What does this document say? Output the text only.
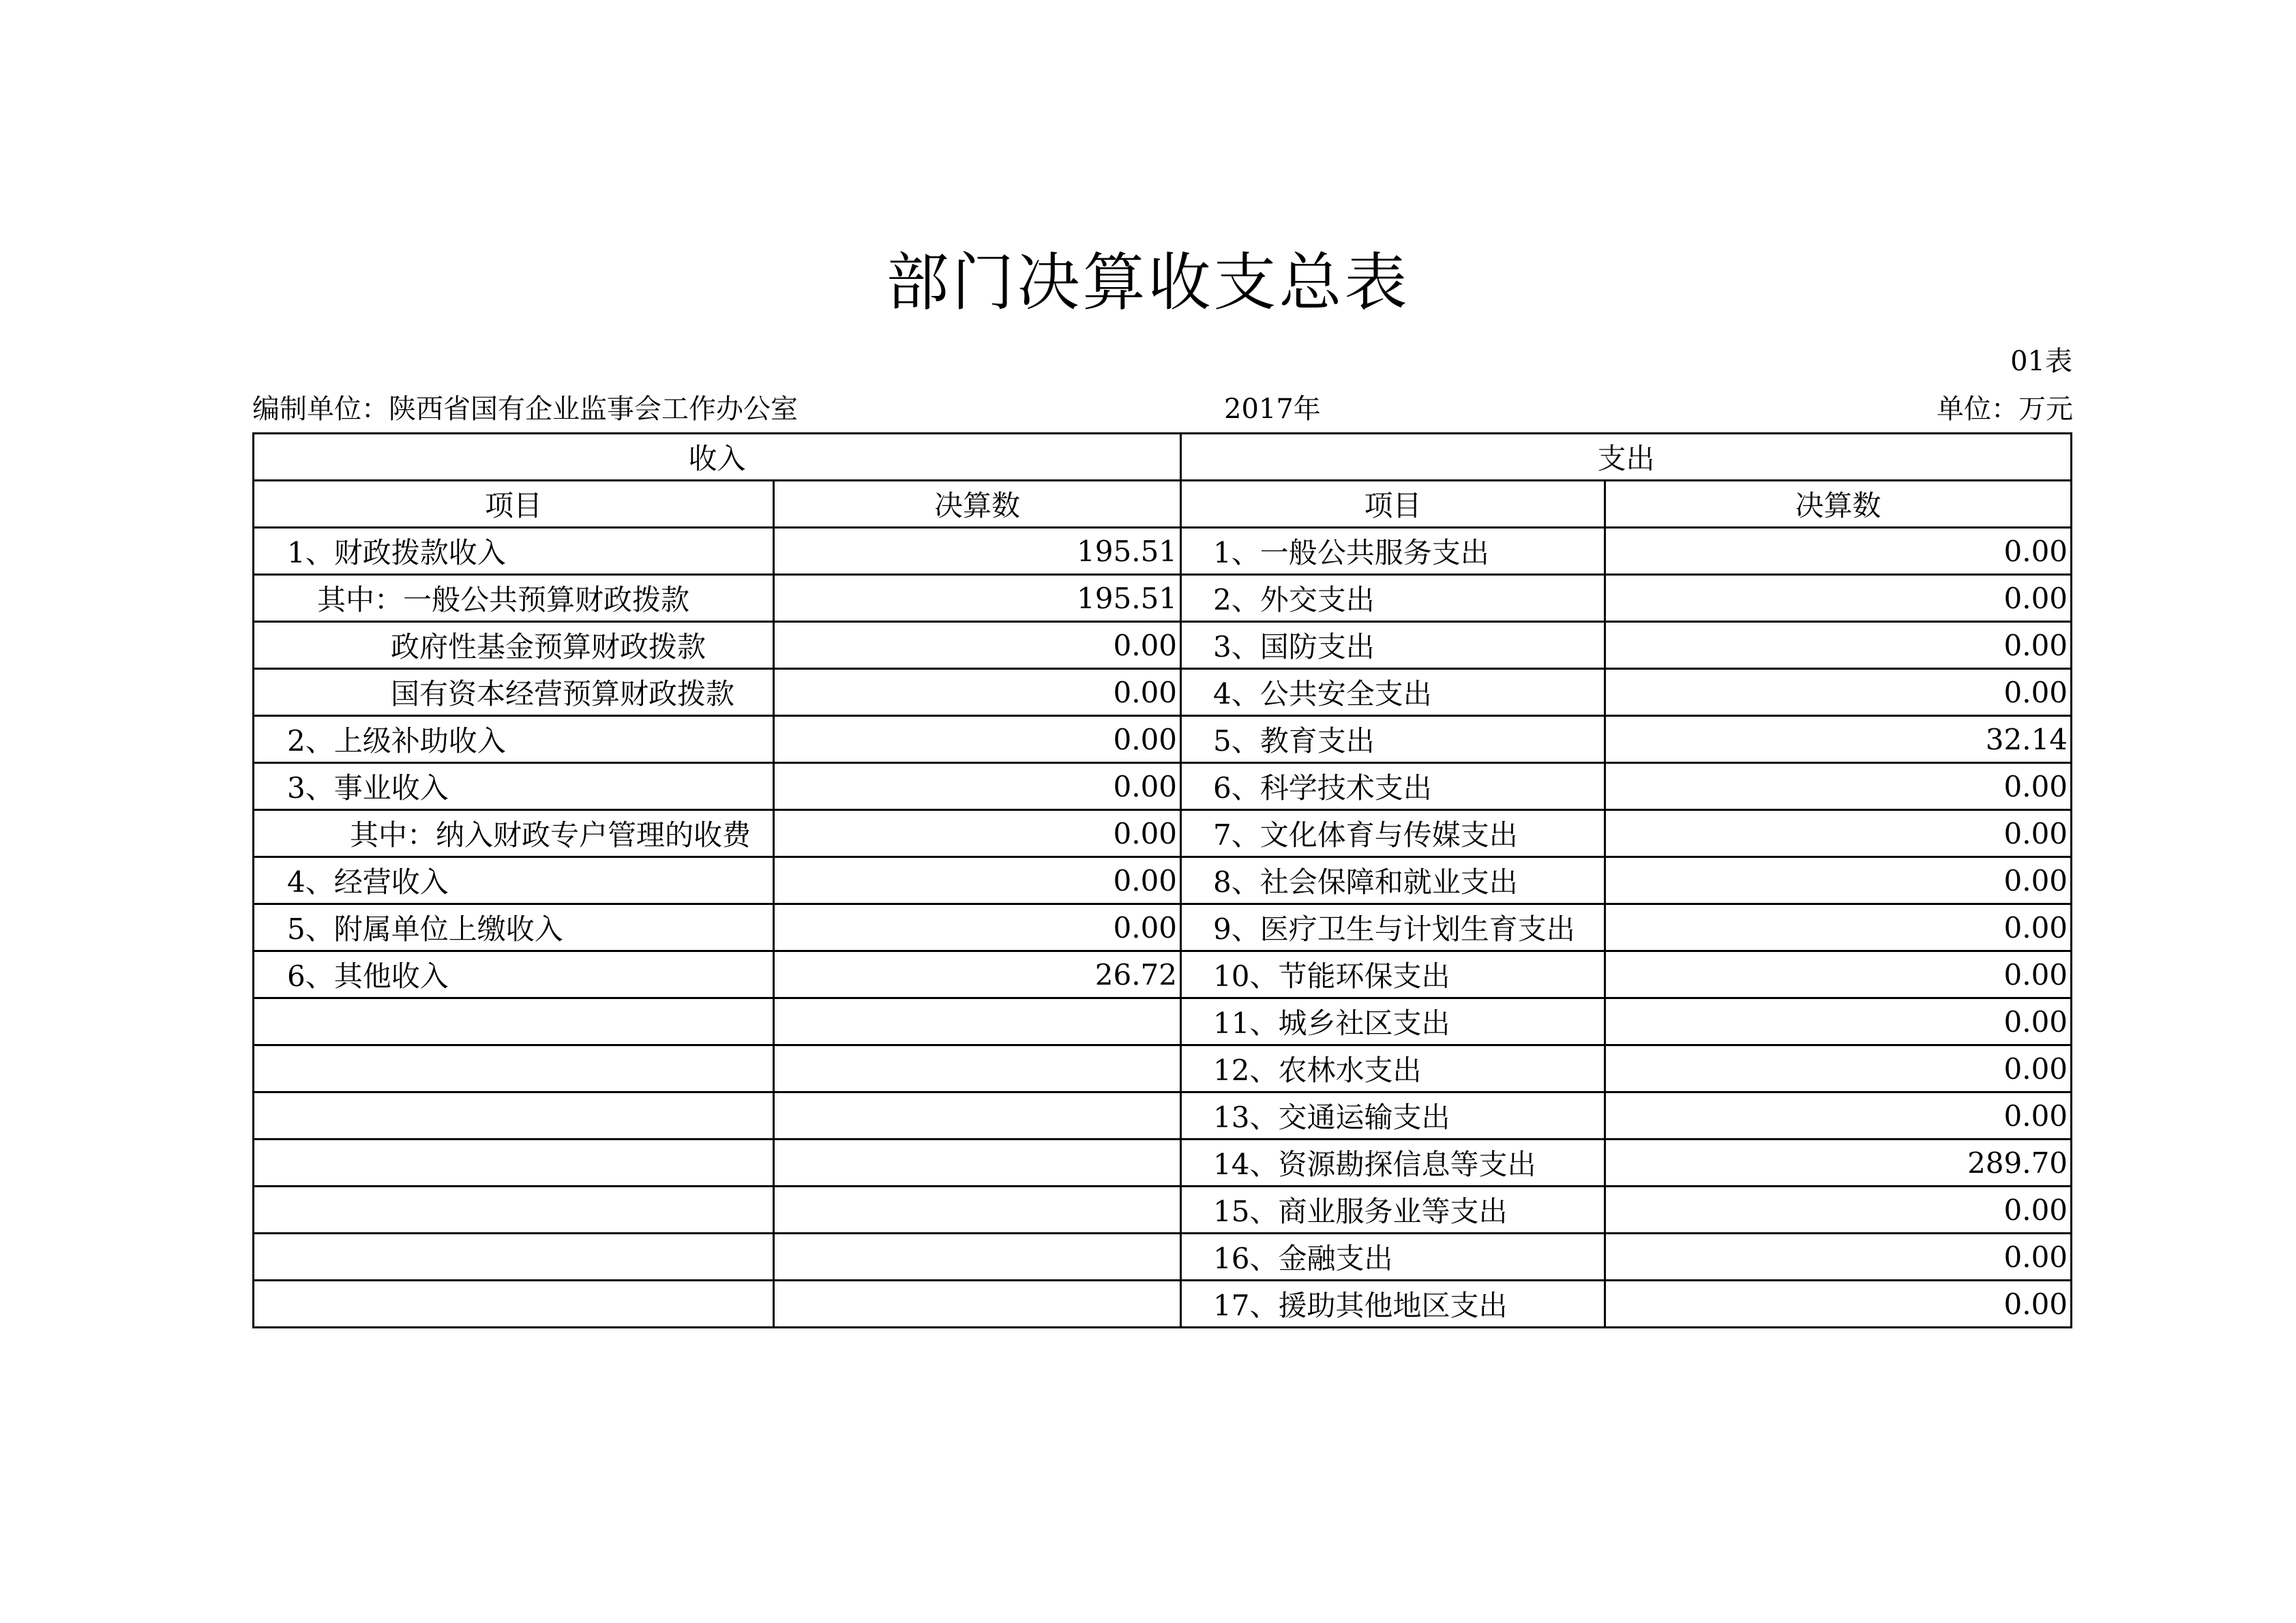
部门决算收支总表
01表
编制单位：陕西省国有企业监事会工作办公室	2017年	单位：万元
收入		支出	
项目	决算数	项目	决算数
1、财政拨款收入	195.51	1、一般公共服务支出	0.00
其中：一般公共预算财政拨款	195.51	2、外交支出	0.00
政府性基金预算财政拨款	0.00	3、国防支出	0.00
国有资本经营预算财政拨款	0.00	4、公共安全支出	0.00
2、上级补助收入	0.00	5、教育支出	32.14
3、事业收入	0.00	6、科学技术支出	0.00
其中：纳入财政专户管理的收费	0.00	7、文化体育与传媒支出	0.00
4、经营收入	0.00	8、社会保障和就业支出	0.00
5、附属单位上缴收入	0.00	9、医疗卫生与计划生育支出	0.00
6、其他收入	26.72	10、节能环保支出	0.00
		11、城乡社区支出	0.00
		12、农林水支出	0.00
		13、交通运输支出	0.00
		14、资源勘探信息等支出	289.70
		15、商业服务业等支出	0.00
		16、金融支出	0.00
		17、援助其他地区支出	0.00
